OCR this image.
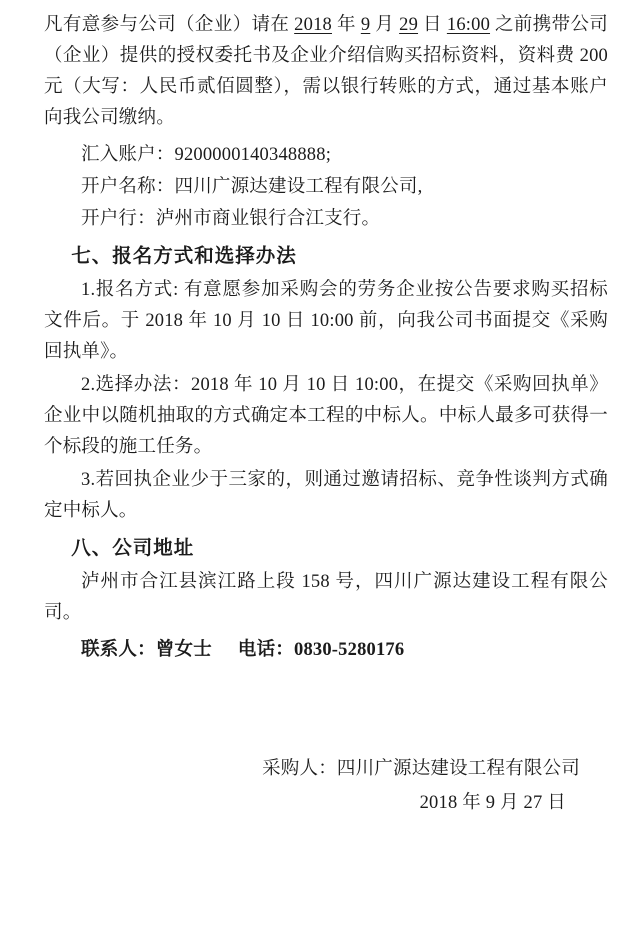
凡有意参与公司（企业）请在 2018 年 9 月 29 日 16:00 之前携带公司（企业）提供的授权委托书及企业介绍信购买招标资料，资料费 200 元（大写：人民币贰佰圆整），需以银行转账的方式，通过基本账户向我公司缴纳。

汇入账户：9200000140348888;

开户名称：四川广源达建设工程有限公司,

开户行：泸州市商业银行合江支行。

七、报名方式和选择办法

1.报名方式: 有意愿参加采购会的劳务企业按公告要求购买招标文件后。于 2018 年 10 月 10 日 10:00 前，向我公司书面提交《采购回执单》。

2.选择办法：2018 年 10 月 10 日 10:00，在提交《采购回执单》企业中以随机抽取的方式确定本工程的中标人。中标人最多可获得一个标段的施工任务。

3.若回执企业少于三家的，则通过邀请招标、竞争性谈判方式确定中标人。

八、公司地址

泸州市合江县滨江路上段 158 号，四川广源达建设工程有限公司。

联系人：曾女士 电话：0830-5280176

采购人：四川广源达建设工程有限公司

2018 年 9 月 27 日
